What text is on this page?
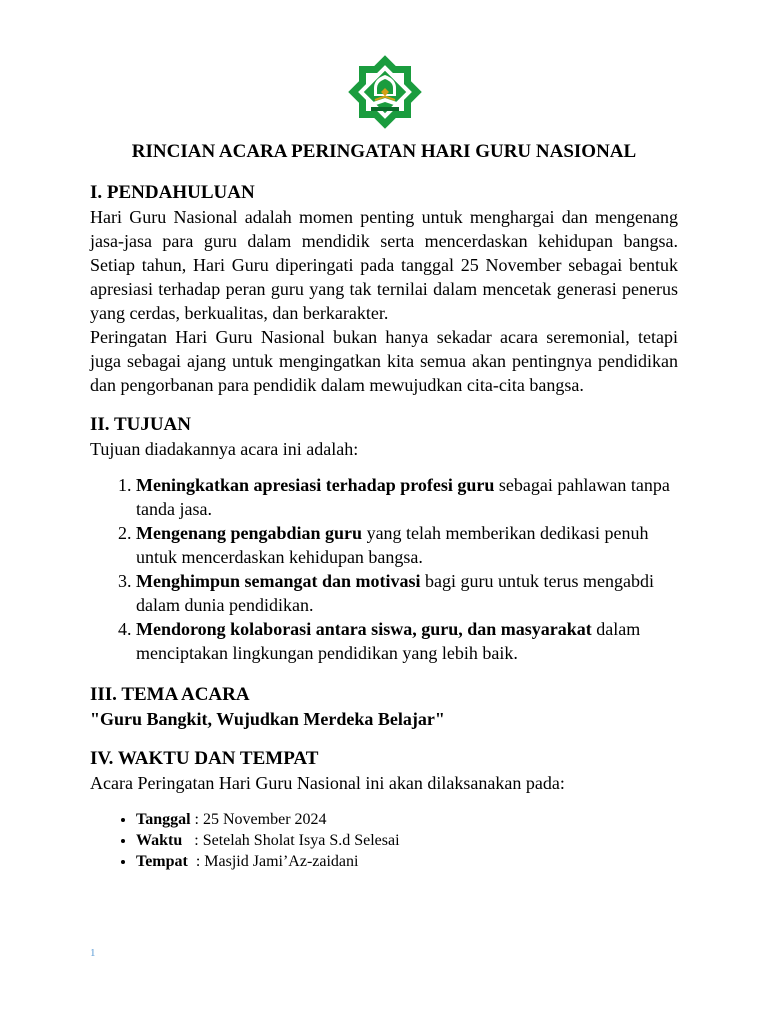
RINCIAN ACARA PERINGATAN HARI GURU NASIONAL
I. PENDAHULUAN

Hari Guru Nasional adalah momen penting untuk menghargai dan mengenang jasa-jasa para guru dalam mendidik serta mencerdaskan kehidupan bangsa. Setiap tahun, Hari Guru diperingati pada tanggal 25 November sebagai bentuk apresiasi terhadap peran guru yang tak ternilai dalam mencetak generasi penerus yang cerdas, berkualitas, dan berkarakter.

Peringatan Hari Guru Nasional bukan hanya sekadar acara seremonial, tetapi juga sebagai ajang untuk mengingatkan kita semua akan pentingnya pendidikan dan pengorbanan para pendidik dalam mewujudkan cita-cita bangsa.

II. TUJUAN

Tujuan diadakannya acara ini adalah:

1. Meningkatkan apresiasi terhadap profesi guru sebagai pahlawan tanpa tanda jasa.
2. Mengenang pengabdian guru yang telah memberikan dedikasi penuh untuk mencerdaskan kehidupan bangsa.
3. Menghimpun semangat dan motivasi bagi guru untuk terus mengabdi dalam dunia pendidikan.
4. Mendorong kolaborasi antara siswa, guru, dan masyarakat dalam menciptakan lingkungan pendidikan yang lebih baik.
III. TEMA ACARA

"Guru Bangkit, Wujudkan Merdeka Belajar"

IV. WAKTU DAN TEMPAT

Acara Peringatan Hari Guru Nasional ini akan dilaksanakan pada:

• Tanggal : 25 November 2024
• Waktu   : Setelah Sholat Isya S.d Selesai
• Tempat  : Masjid Jami’Az-zaidani
1
